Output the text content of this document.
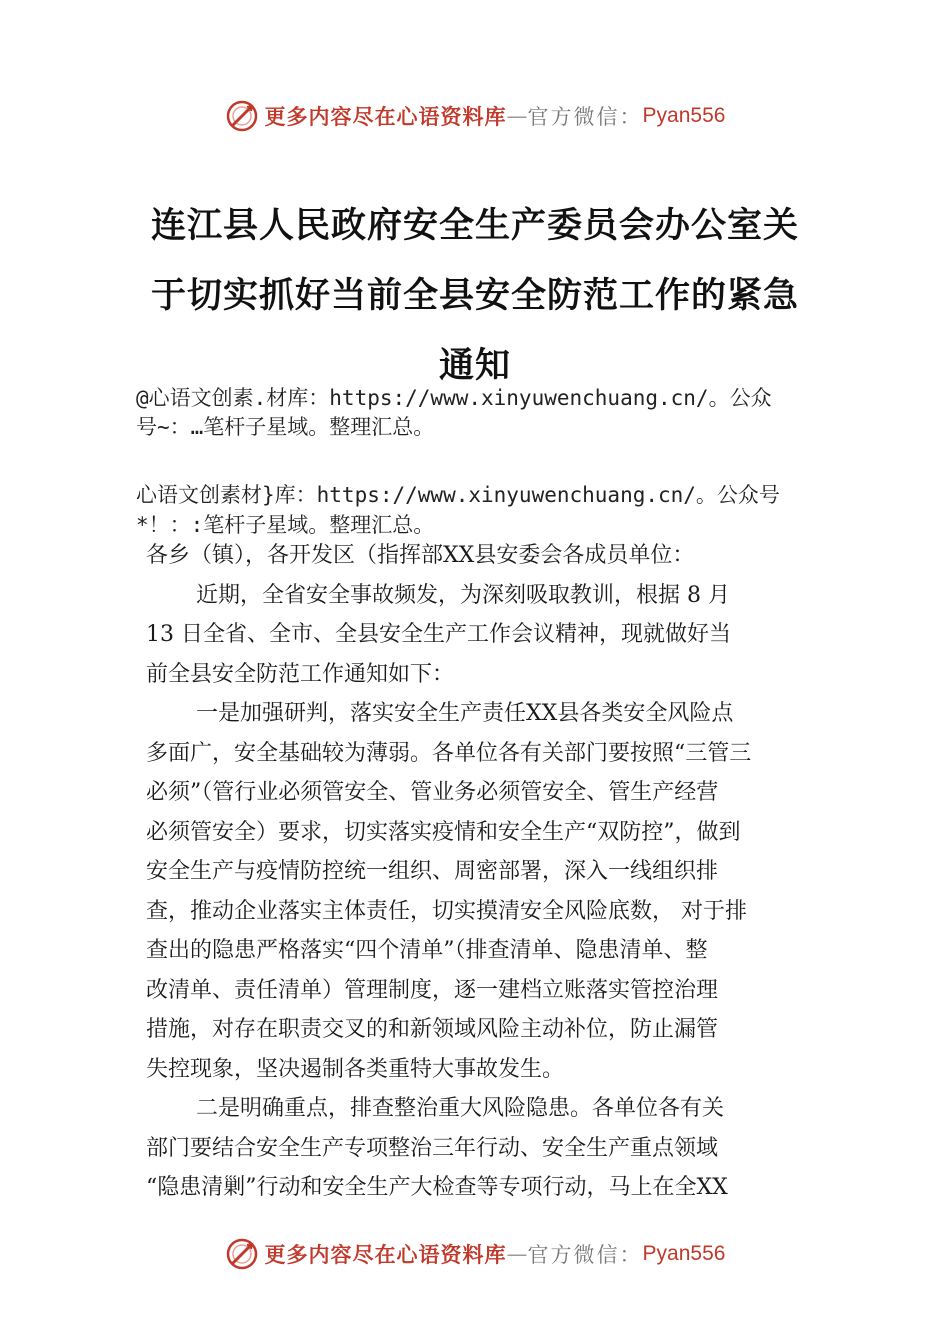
更多内容尽在心语资料库 — 官方微信： Pyan556
连江县人民政府安全生产委员会办公室关
于切实抓好当前全县安全防范工作的紧急
通知
@心语文创素.材库：https://www.xinyuwenchuang.cn/。公众
号~：…笔杆子星域。整理汇总。
心语文创素材}库：https://www.xinyuwenchuang.cn/。公众号
*！：:笔杆子星域。整理汇总。
各乡（镇），各开发区（指挥部XX县安委会各成员单位：
近期，全省安全事故频发，为深刻吸取教训，根据 8 月
13 日全省、全市、全县安全生产工作会议精神，现就做好当
前全县安全防范工作通知如下：
一是加强研判，落实安全生产责任XX县各类安全风险点
多面广，安全基础较为薄弱。各单位各有关部门要按照“三管三
必须”（管行业必须管安全、管业务必须管安全、管生产经营
必须管安全）要求，切实落实疫情和安全生产“双防控”，做到
安全生产与疫情防控统一组织、周密部署，深入一线组织排
查，推动企业落实主体责任，切实摸清安全风险底数， 对于排
查出的隐患严格落实“四个清单”（排查清单、隐患清单、整
改清单、责任清单）管理制度，逐一建档立账落实管控治理
措施，对存在职责交叉的和新领域风险主动补位，防止漏管
失控现象，坚决遏制各类重特大事故发生。
二是明确重点，排查整治重大风险隐患。各单位各有关
部门要结合安全生产专项整治三年行动、安全生产重点领域
“隐患清剿”行动和安全生产大检查等专项行动，马上在全XX
更多内容尽在心语资料库 — 官方微信： Pyan556
